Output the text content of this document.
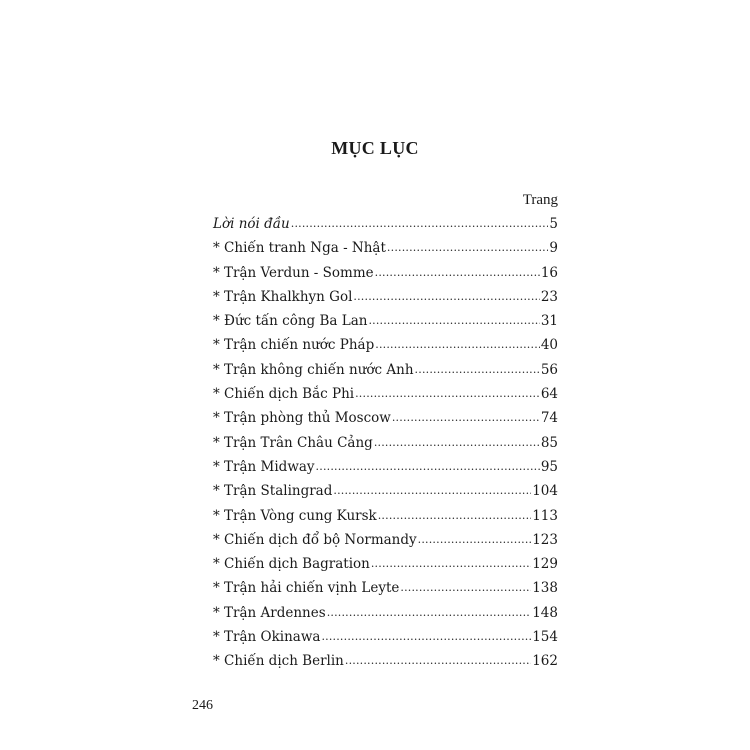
MỤC LỤC
Trang
Lời nói đầu .....	5
* Chiến tranh Nga - Nhật .....	9
* Trận Verdun - Somme .....	16
* Trận Khalkhyn Gol .....	23
* Đức tấn công Ba Lan .....	31
* Trận chiến nước Pháp .....	40
* Trận không chiến nước Anh .....	56
* Chiến dịch Bắc Phi .....	64
* Trận phòng thủ Moscow .....	74
* Trận Trân Châu Cảng .....	85
* Trận Midway .....	95
* Trận Stalingrad .....	104
* Trận Vòng cung Kursk .....	113
* Chiến dịch đổ bộ Normandy .....	123
* Chiến dịch Bagration .....	129
* Trận hải chiến vịnh Leyte .....	138
* Trận Ardennes .....	148
* Trận Okinawa .....	154
* Chiến dịch Berlin .....	162
246
